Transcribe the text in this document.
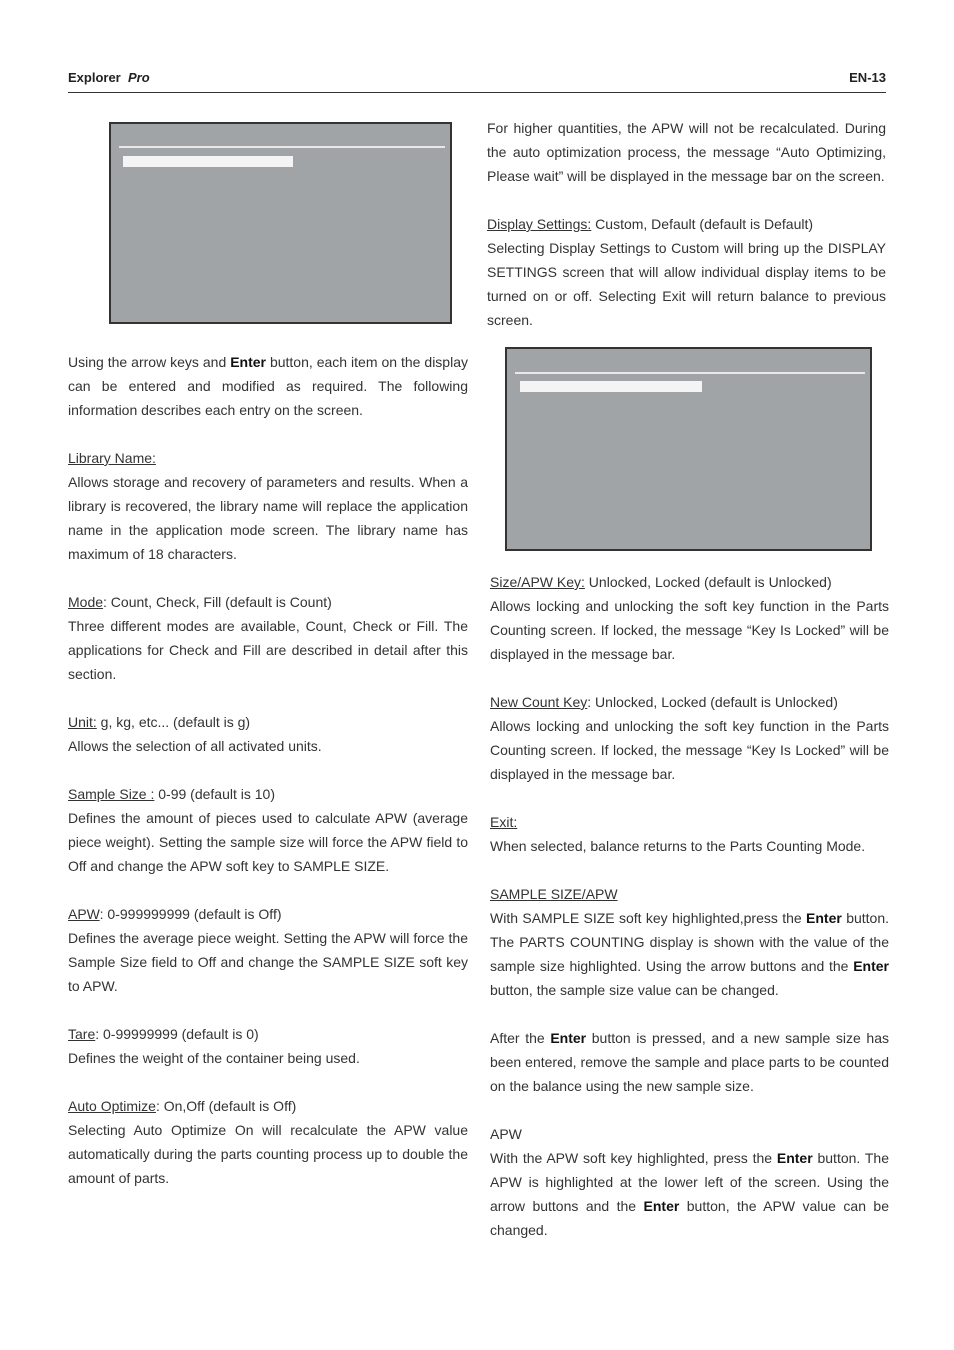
Explorer Pro	EN-13

Using the arrow keys and Enter button, each item on the display can be entered and modified as required. The following information describes each entry on the screen.

Library Name:
Allows storage and recovery of parameters and results. When a library is recovered, the library name will replace the application name in the application mode screen. The library name has maximum of 18 characters.

Mode: Count, Check, Fill (default is Count)
Three different modes are available, Count, Check or Fill. The applications for Check and Fill are described in detail after this section.

Unit: g, kg, etc... (default is g)
Allows the selection of all activated units.

Sample Size : 0-99 (default is 10)
Defines the amount of pieces used to calculate APW (average piece weight). Setting the sample size will force the APW field to Off and change the APW soft key to SAMPLE SIZE.

APW: 0-999999999 (default is Off)
Defines the average piece weight. Setting the APW will force the Sample Size field to Off and change the SAMPLE SIZE soft key to APW.

Tare: 0-99999999 (default is 0)
Defines the weight of the container being used.

Auto Optimize: On,Off (default is Off)
Selecting Auto Optimize On will recalculate the APW value automatically during the parts counting process up to double the amount of parts.

For higher quantities, the APW will not be recalculated. During the auto optimization process, the message “Auto Optimizing, Please wait” will be displayed in the message bar on the screen.

Display Settings: Custom, Default (default is Default)
Selecting Display Settings to Custom will bring up the DISPLAY SETTINGS screen that will allow individual display items to be turned on or off. Selecting Exit will return balance to previous screen.

Size/APW Key: Unlocked, Locked (default is Unlocked)
Allows locking and unlocking the soft key function in the Parts Counting screen. If locked, the message “Key Is Locked” will be displayed in the message bar.

New Count Key: Unlocked, Locked (default is Unlocked)
Allows locking and unlocking the soft key function in the Parts Counting screen. If locked, the message “Key Is Locked” will be displayed in the message bar.

Exit:
When selected, balance returns to the Parts Counting Mode.

SAMPLE SIZE/APW
With SAMPLE SIZE soft key highlighted,press the Enter button. The PARTS COUNTING display is shown with the value of the sample size highlighted. Using the arrow buttons and the Enter button, the sample size value can be changed.

After the Enter button is pressed, and a new sample size has been entered, remove the sample and place parts to be counted on the balance using the new sample size.

APW
With the APW soft key highlighted, press the Enter button. The APW is highlighted at the lower left of the screen. Using the arrow buttons and the Enter button, the APW value can be changed.
